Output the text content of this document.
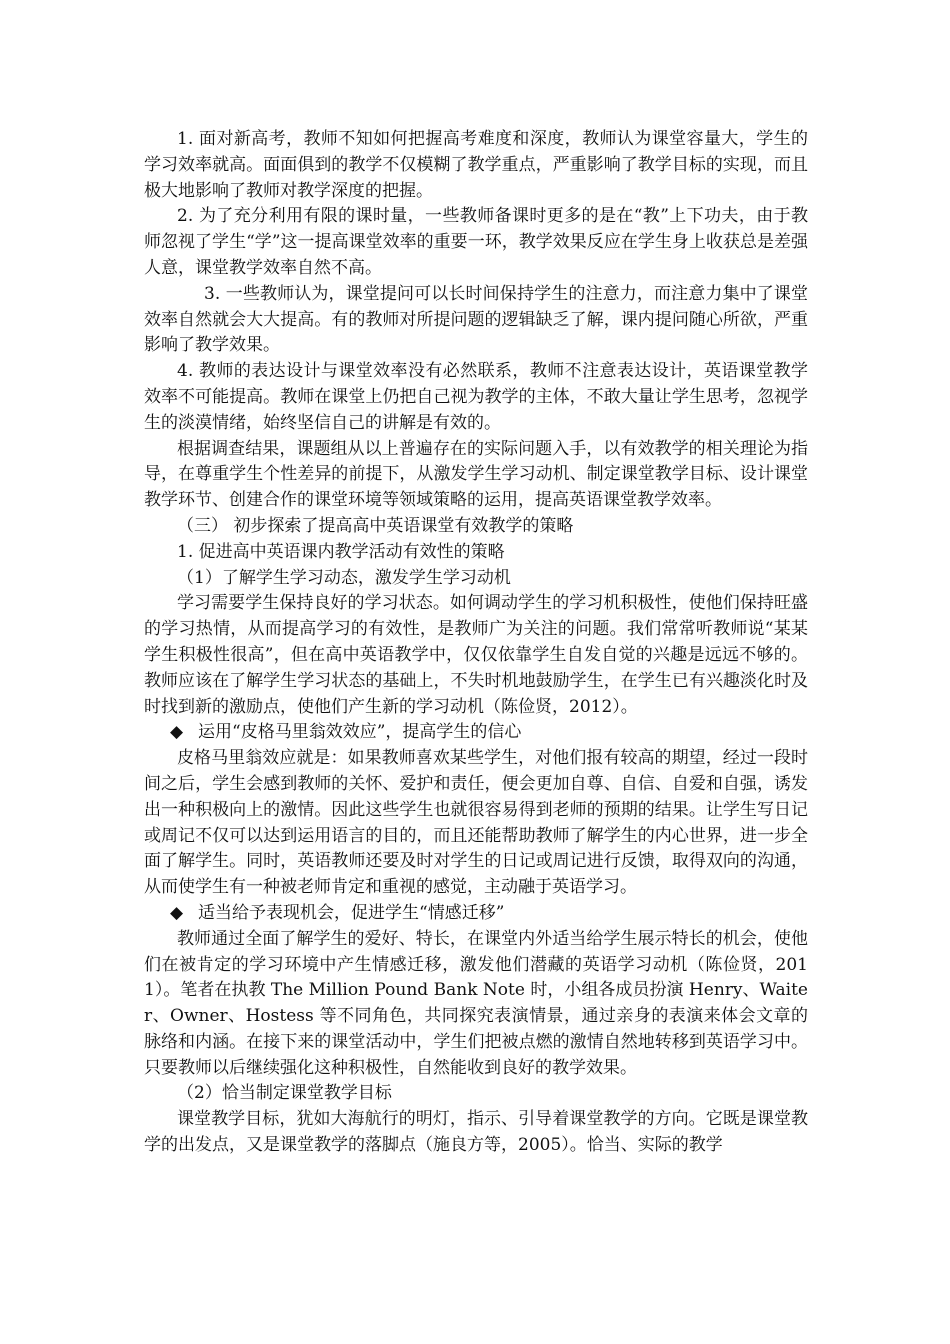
1. 面对新高考，教师不知如何把握高考难度和深度，教师认为课堂容量大，学生的学习效率就高。面面俱到的教学不仅模糊了教学重点，严重影响了教学目标的实现，而且极大地影响了教师对教学深度的把握。

2. 为了充分利用有限的课时量，一些教师备课时更多的是在“教”上下功夫，由于教师忽视了学生“学”这一提高课堂效率的重要一环，教学效果反应在学生身上收获总是差强人意，课堂教学效率自然不高。

3. 一些教师认为，课堂提问可以长时间保持学生的注意力，而注意力集中了课堂效率自然就会大大提高。有的教师对所提问题的逻辑缺乏了解，课内提问随心所欲，严重影响了教学效果。

4. 教师的表达设计与课堂效率没有必然联系，教师不注意表达设计，英语课堂教学效率不可能提高。教师在课堂上仍把自己视为教学的主体，不敢大量让学生思考，忽视学生的淡漠情绪，始终坚信自己的讲解是有效的。

根据调查结果，课题组从以上普遍存在的实际问题入手，以有效教学的相关理论为指导，在尊重学生个性差异的前提下，从激发学生学习动机、制定课堂教学目标、设计课堂教学环节、创建合作的课堂环境等领域策略的运用，提高英语课堂教学效率。

（三） 初步探索了提高高中英语课堂有效教学的策略

1. 促进高中英语课内教学活动有效性的策略

（1）了解学生学习动态，激发学生学习动机

学习需要学生保持良好的学习状态。如何调动学生的学习机积极性，使他们保持旺盛的学习热情，从而提高学习的有效性，是教师广为关注的问题。我们常常听教师说“某某学生积极性很高”，但在高中英语教学中，仅仅依靠学生自发自觉的兴趣是远远不够的。教师应该在了解学生学习状态的基础上，不失时机地鼓励学生，在学生已有兴趣淡化时及时找到新的激励点，使他们产生新的学习动机（陈俭贤，2012）。

◆ 运用“皮格马里翁效效应”，提高学生的信心

皮格马里翁效应就是：如果教师喜欢某些学生，对他们报有较高的期望，经过一段时间之后，学生会感到教师的关怀、爱护和责任，便会更加自尊、自信、自爱和自强，诱发出一种积极向上的激情。因此这些学生也就很容易得到老师的预期的结果。让学生写日记或周记不仅可以达到运用语言的目的，而且还能帮助教师了解学生的内心世界，进一步全面了解学生。同时，英语教师还要及时对学生的日记或周记进行反馈，取得双向的沟通，从而使学生有一种被老师肯定和重视的感觉，主动融于英语学习。

◆ 适当给予表现机会，促进学生“情感迁移”

教师通过全面了解学生的爱好、特长，在课堂内外适当给学生展示特长的机会，使他们在被肯定的学习环境中产生情感迁移，激发他们潜藏的英语学习动机（陈俭贤，2011）。笔者在执教 The Million Pound Bank Note 时，小组各成员扮演 Henry、Waiter、Owner、Hostess 等不同角色，共同探究表演情景，通过亲身的表演来体会文章的脉络和内涵。在接下来的课堂活动中，学生们把被点燃的激情自然地转移到英语学习中。只要教师以后继续强化这种积极性，自然能收到良好的教学效果。

（2）恰当制定课堂教学目标

课堂教学目标，犹如大海航行的明灯，指示、引导着课堂教学的方向。它既是课堂教学的出发点，又是课堂教学的落脚点（施良方等，2005）。恰当、实际的教学
